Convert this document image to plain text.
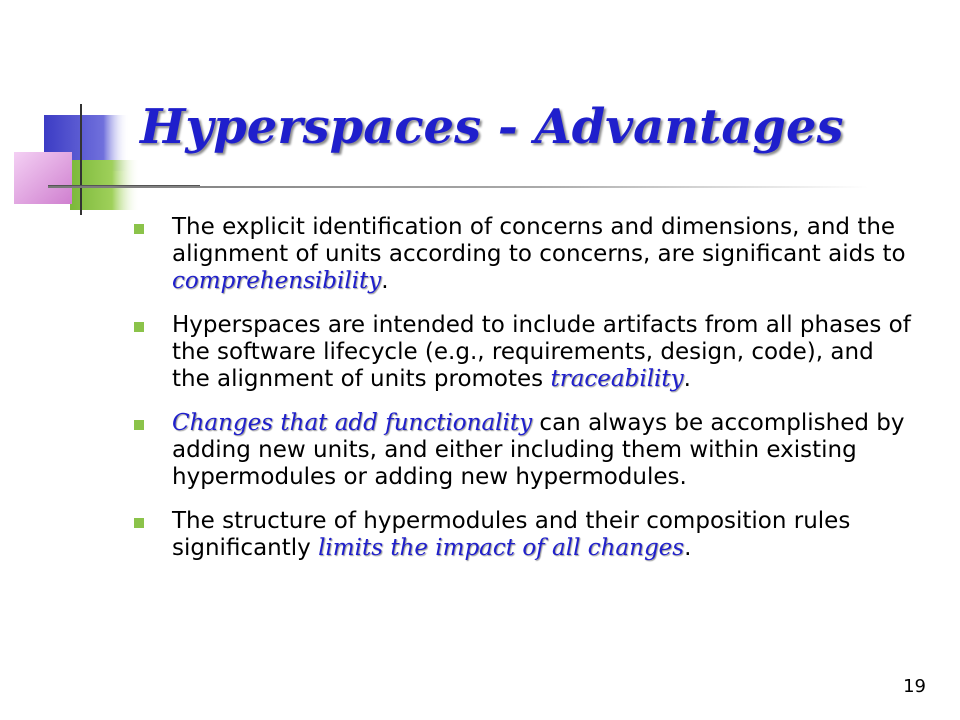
Hyperspaces - Advantages
The explicit identification of concerns and dimensions, and the alignment of units according to concerns, are significant aids to comprehensibility.
Hyperspaces are intended to include artifacts from all phases of the software lifecycle (e.g., requirements, design, code), and the alignment of units promotes traceability.
Changes that add functionality can always be accomplished by adding new units, and either including them within existing hypermodules or adding new hypermodules.
The structure of hypermodules and their composition rules significantly limits the impact of all changes.
19
